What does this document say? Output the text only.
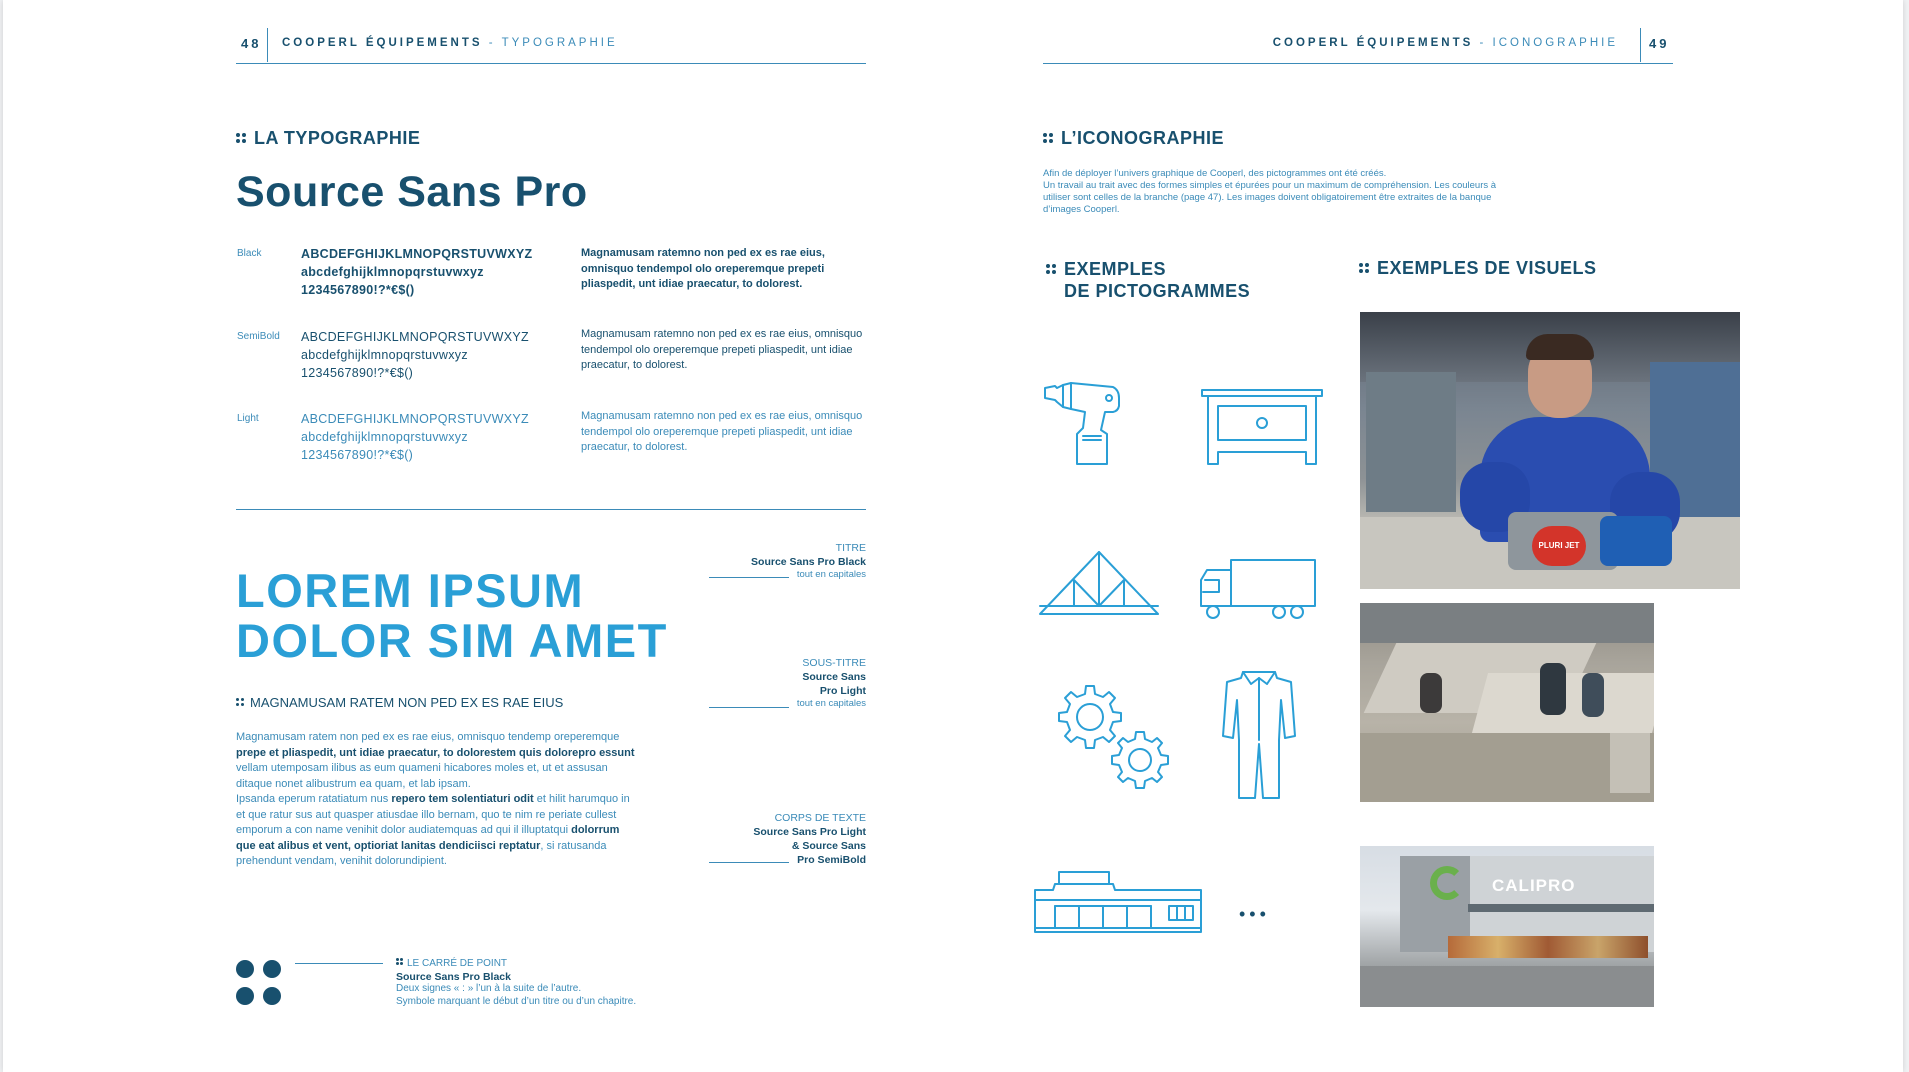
48 COOPERL ÉQUIPEMENTS - TYPOGRAPHIE
LA TYPOGRAPHIE
Source Sans Pro
Black	ABCDEFGHIJKLMNOPQRSTUVWXYZ
abcdefghijklmnopqrstuvwxyz
1234567890!?*€$()
Magnamusam ratemno non ped ex es rae eius, omnisquo tendempol olo oreperemque prepeti pliaspedit, unt idiae praecatur, to dolorest.
SemiBold ABCDEFGHIJKLMNOPQRSTUVWXYZ
abcdefghijklmnopqrstuvwxyz
1234567890!?*€$()
Magnamusam ratemno non ped ex es rae eius, omnisquo tendempol olo oreperemque prepeti pliaspedit, unt idiae praecatur, to dolorest.
Light	ABCDEFGHIJKLMNOPQRSTUVWXYZ
abcdefghijklmnopqrstuvwxyz
1234567890!?*€$()
Magnamusam ratemno non ped ex es rae eius, omnisquo tendempol olo oreperemque prepeti pliaspedit, unt idiae praecatur, to dolorest.
LOREM IPSUM
DOLOR SIM AMET
MAGNAMUSAM RATEM NON PED EX ES RAE EIUS
Magnamusam ratem non ped ex es rae eius, omnisquo tendemp oreperemque prepe et pliaspedit, unt idiae praecatur, to dolorestem quis dolorepro essunt vellam utemposam ilibus as eum quameni hicabores moles et, ut et assusan ditaque nonet alibustrum ea quam, et lab ipsam.
Ipsanda eperum ratatiatum nus repero tem solentiaturi odit et hilit harumquo in et que ratur sus aut quasper atiusdae illo bernam, quo te nim re periate cullest emporum a con name venihit dolor audiatemquas ad qui il illuptatqui dolorrum que eat alibus et vent, optioriat lanitas dendiciisci reptatur, si ratusanda prehendunt vendam, venihit dolorundipient.
TITRE
Source Sans Pro Black
tout en capitales
SOUS-TITRE
Source Sans
Pro Light
tout en capitales
CORPS DE TEXTE
Source Sans Pro Light
& Source Sans
Pro SemiBold
LE CARRÉ DE POINT
Source Sans Pro Black
Deux signes « : » l’un à la suite de l’autre.
Symbole marquant le début d’un titre ou d’un chapitre.
COOPERL ÉQUIPEMENTS - ICONOGRAPHIE 49
L’ICONOGRAPHIE
Afin de déployer l’univers graphique de Cooperl, des pictogrammes ont été créés.
Un travail au trait avec des formes simples et épurées pour un maximum de compréhension. Les couleurs à
utiliser sont celles de la branche (page 47). Les images doivent obligatoirement être extraites de la banque
d’images Cooperl.
EXEMPLES
DE PICTOGRAMMES
EXEMPLES DE VISUELS
•••
PLURI JET
CALIPRO
